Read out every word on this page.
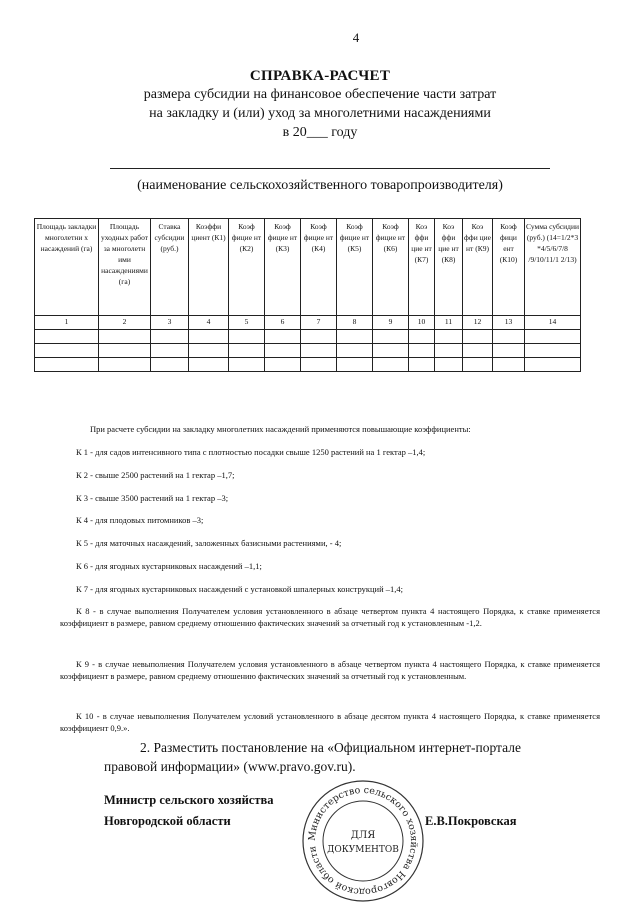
4
СПРАВКА-РАСЧЕТ
размера субсидии на финансовое обеспечение части затрат
на закладку и (или) уход за многолетними насаждениями
в 20___ году
(наименование сельскохозяйственного товаропроизводителя)
Площадь закладки многолетни х насаждений (га)	Площадь уходных работ за многолетн ими насаждениями (га)	Ставка субсидии (руб.)	Коэффи циент (К1)	Коэф фицие нт (К2)	Коэф фицие нт (К3)	Коэф фицие нт (К4)	Коэф фицие нт (К5)	Коэф фицие нт (К6)	Коэ ффи циe нт (К7)	Коэ ффи циe нт (К8)	Коэ ффи циe нт (К9)	Коэф фици ент (К10)	Сумма субсидии (руб.) (14=1/2*3 *4/5/6/7/8 /9/10/11/1 2/13)
1	2	3	4	5	6	7	8	9	10	11	12	13	14

При расчете субсидии на закладку многолетних насаждений применяются повышающие коэффициенты:
К 1 - для садов интенсивного типа с плотностью посадки свыше 1250 растений на 1 гектар –1,4;
К 2 - свыше 2500 растений на 1 гектар –1,7;
К 3 - свыше 3500 растений на 1 гектар –3;
К 4 - для плодовых питомников –3;
К 5 - для маточных насаждений, заложенных базисными растениями, - 4;
К 6 - для ягодных кустарниковых насаждений –1,1;
К 7 - для ягодных кустарниковых насаждений с установкой шпалерных конструкций –1,4;
К 8 - в случае выполнения Получателем условия установленного в абзаце четвертом пункта 4 настоящего Порядка, к ставке применяется коэффициент в размере, равном среднему отношению фактических значений за отчетный год к установленным -1,2.
К 9 - в случае невыполнения Получателем условия установленного в абзаце четвертом пункта 4 настоящего Порядка, к ставке применяется коэффициент в размере, равном среднему отношению фактических значений за отчетный год к установленным.
К 10 - в случае невыполнения Получателем условий установленного в абзаце десятом пункта 4 настоящего Порядка, к ставке применяется коэффициент 0,9.».
2. Разместить постановление на «Официальном интернет-портале
правовой информации» (www.pravo.gov.ru).
Министр сельского хозяйства
Новгородской области	Е.В.Покровская
Министерство сельского хозяйства Новгородской области
ДЛЯ
ДОКУМЕНТОВ
